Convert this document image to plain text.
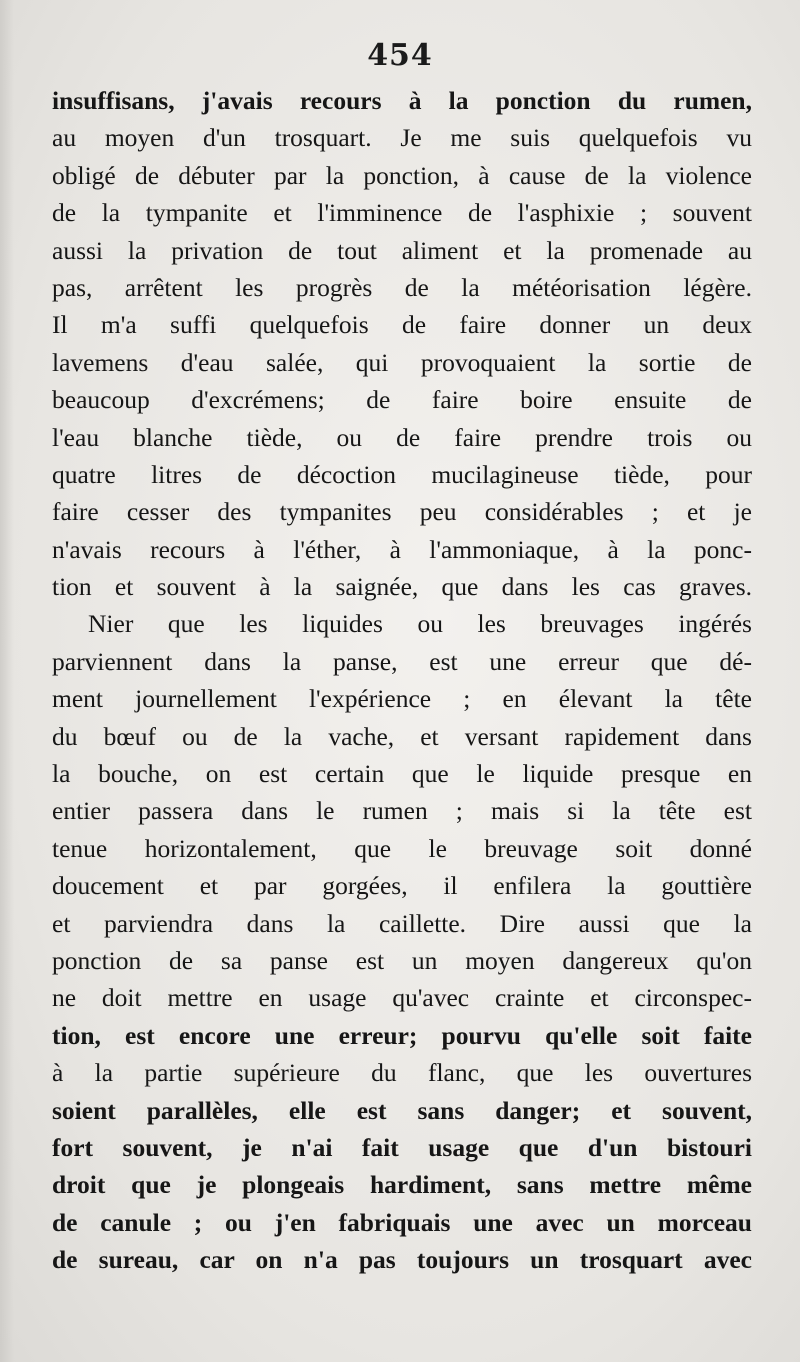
454
insuffisans, j'avais recours à la ponction du rumen,
au moyen d'un trosquart. Je me suis quelquefois vu
obligé de débuter par la ponction, à cause de la violence
de la tympanite et l'imminence de l'asphixie ; souvent
aussi la privation de tout aliment et la promenade au
pas, arrêtent les progrès de la météorisation légère.
Il m'a suffi quelquefois de faire donner un deux
lavemens d'eau salée, qui provoquaient la sortie de
beaucoup d'excrémens; de faire boire ensuite de
l'eau blanche tiède, ou de faire prendre trois ou
quatre litres de décoction mucilagineuse tiède, pour
faire cesser des tympanites peu considérables ; et je
n'avais recours à l'éther, à l'ammoniaque, à la ponc-
tion et souvent à la saignée, que dans les cas graves.
Nier que les liquides ou les breuvages ingérés
parviennent dans la panse, est une erreur que dé-
ment journellement l'expérience ; en élevant la tête
du bœuf ou de la vache, et versant rapidement dans
la bouche, on est certain que le liquide presque en
entier passera dans le rumen ; mais si la tête est
tenue horizontalement, que le breuvage soit donné
doucement et par gorgées, il enfilera la gouttière
et parviendra dans la caillette. Dire aussi que la
ponction de sa panse est un moyen dangereux qu'on
ne doit mettre en usage qu'avec crainte et circonspec-
tion, est encore une erreur; pourvu qu'elle soit faite
à la partie supérieure du flanc, que les ouvertures
soient parallèles, elle est sans danger; et souvent,
fort souvent, je n'ai fait usage que d'un bistouri
droit que je plongeais hardiment, sans mettre même
de canule ; ou j'en fabriquais une avec un morceau
de sureau, car on n'a pas toujours un trosquart avec
